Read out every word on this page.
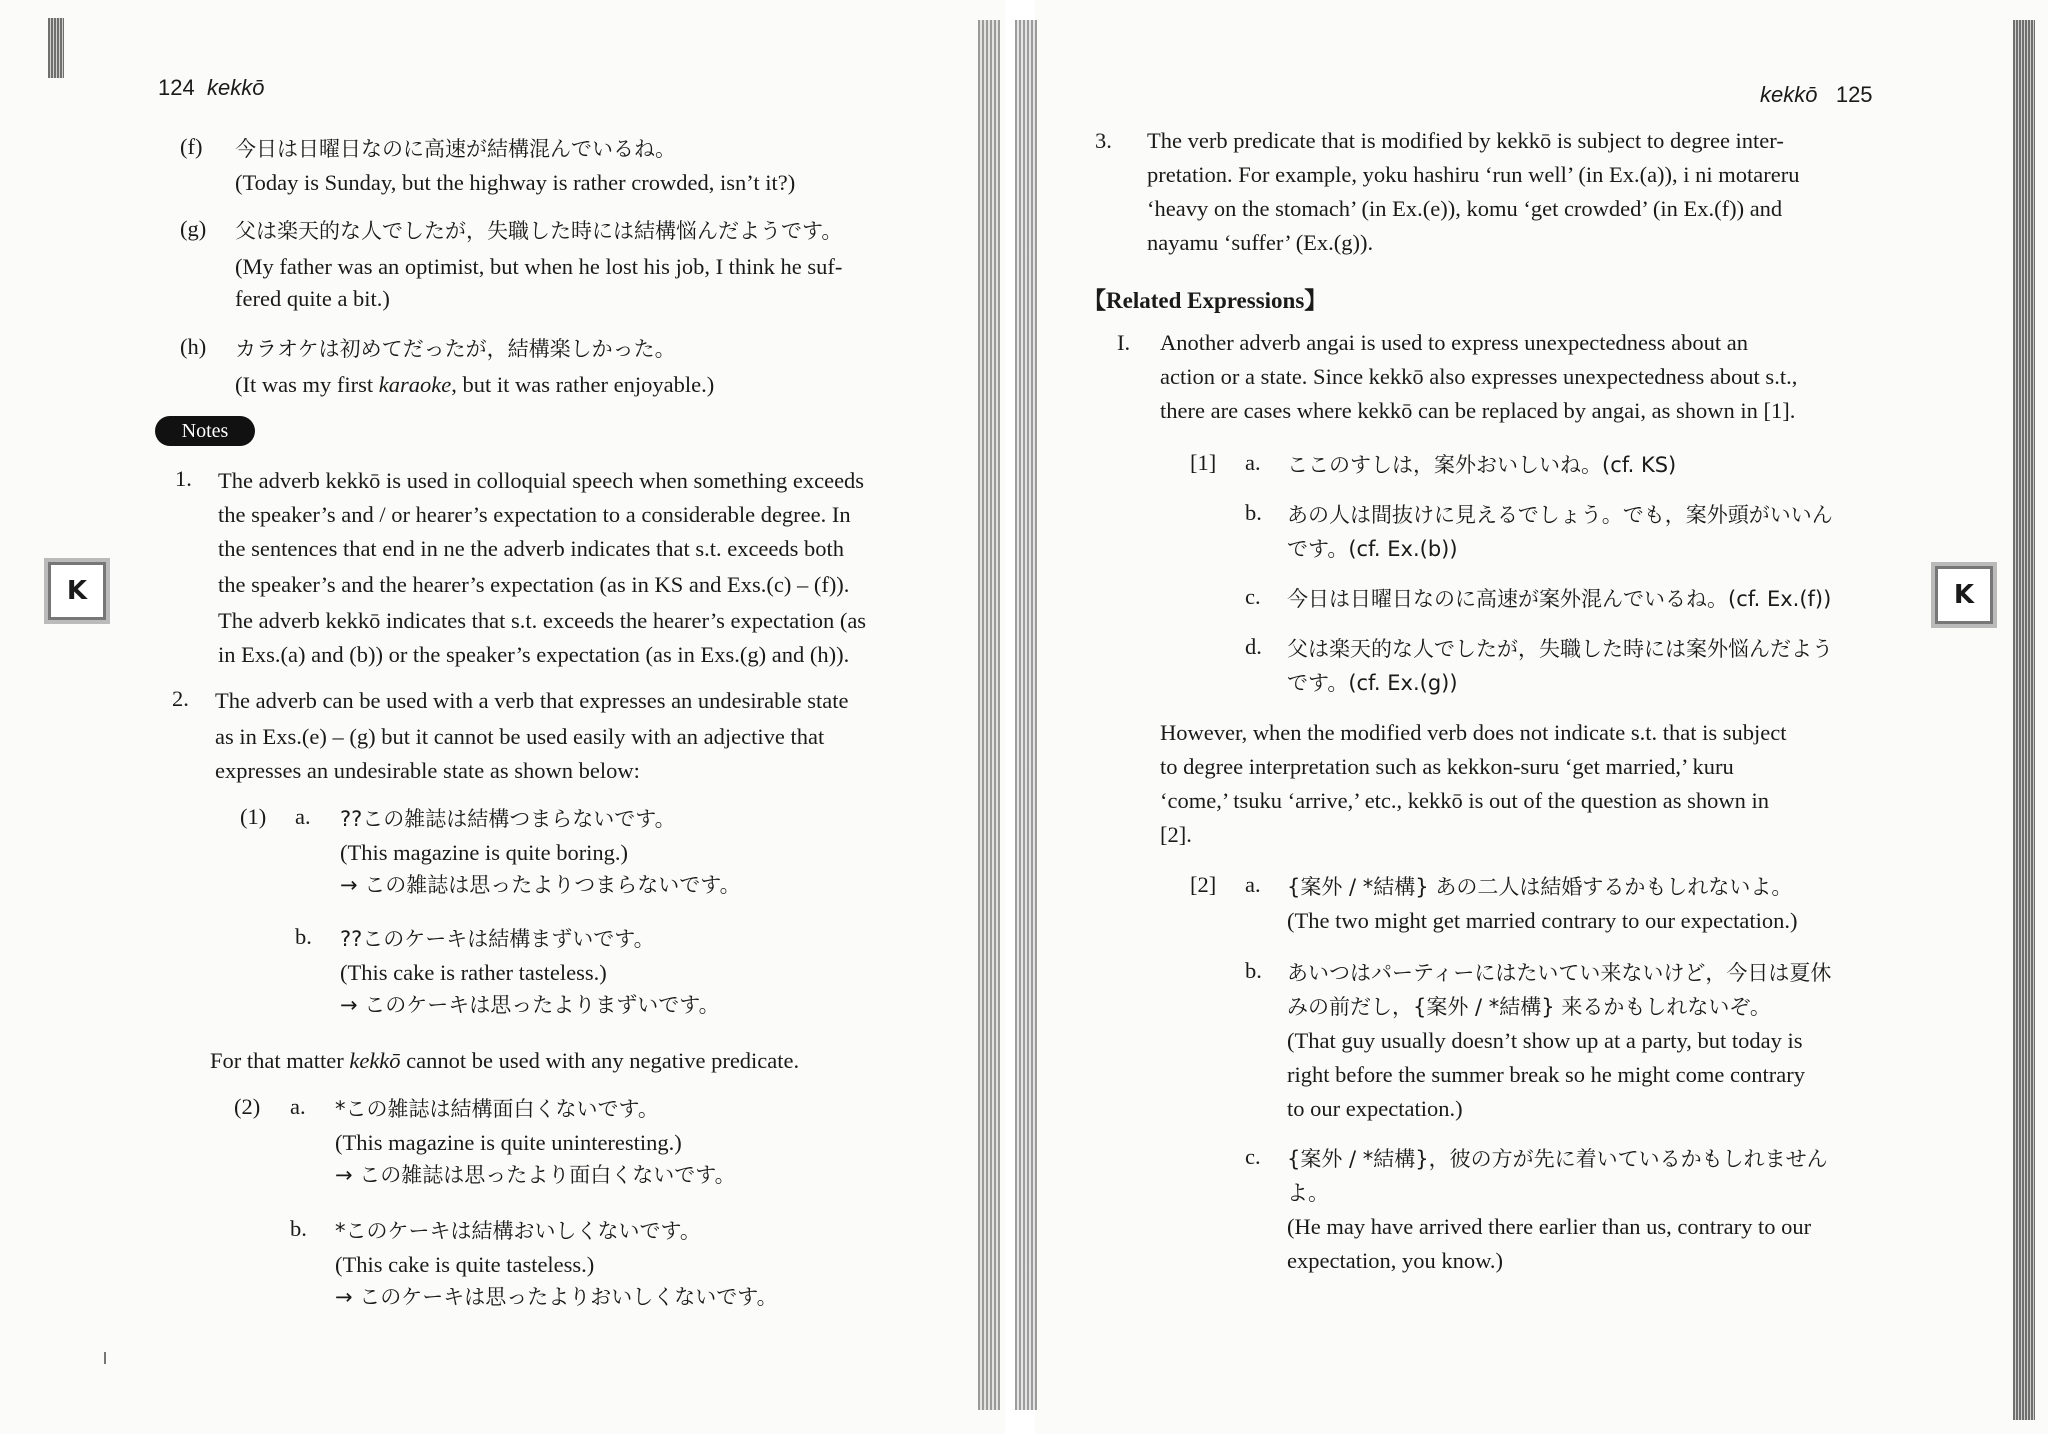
124 kekkō
(f) 今日は日曜日なのに高速が結構混んでいるね。
(Today is Sunday, but the highway is rather crowded, isn’t it?)
(g) 父は楽天的な人でしたが，失職した時には結構悩んだようです。
(My father was an optimist, but when he lost his job, I think he suf-
fered quite a bit.)
(h) カラオケは初めてだったが，結構楽しかった。
(It was my first karaoke, but it was rather enjoyable.)
Notes
1. The adverb kekkō is used in colloquial speech when something exceeds
the speaker’s and / or hearer’s expectation to a considerable degree. In
the sentences that end in ne the adverb indicates that s.t. exceeds both
the speaker’s and the hearer’s expectation (as in KS and Exs.(c) – (f)).
The adverb kekkō indicates that s.t. exceeds the hearer’s expectation (as
in Exs.(a) and (b)) or the speaker’s expectation (as in Exs.(g) and (h)).
2. The adverb can be used with a verb that expresses an undesirable state
as in Exs.(e) – (g) but it cannot be used easily with an adjective that
expresses an undesirable state as shown below:
(1) a. ??この雑誌は結構つまらないです。
(This magazine is quite boring.)
→ この雑誌は思ったよりつまらないです。
b. ??このケーキは結構まずいです。
(This cake is rather tasteless.)
→ このケーキは思ったよりまずいです。
For that matter kekkō cannot be used with any negative predicate.
(2) a. *この雑誌は結構面白くないです。
(This magazine is quite uninteresting.)
→ この雑誌は思ったより面白くないです。
b. *このケーキは結構おいしくないです。
(This cake is quite tasteless.)
→ このケーキは思ったよりおいしくないです。
K
kekkō 125
3. The verb predicate that is modified by kekkō is subject to degree inter-
pretation. For example, yoku hashiru ‘run well’ (in Ex.(a)), i ni motareru
‘heavy on the stomach’ (in Ex.(e)), komu ‘get crowded’ (in Ex.(f)) and
nayamu ‘suffer’ (Ex.(g)).
【Related Expressions】
I. Another adverb angai is used to express unexpectedness about an
action or a state. Since kekkō also expresses unexpectedness about s.t.,
there are cases where kekkō can be replaced by angai, as shown in [1].
[1] a. ここのすしは，案外おいしいね。(cf. KS)
b. あの人は間抜けに見えるでしょう。でも，案外頭がいいん
です。(cf. Ex.(b))
c. 今日は日曜日なのに高速が案外混んでいるね。(cf. Ex.(f))
d. 父は楽天的な人でしたが，失職した時には案外悩んだよう
です。(cf. Ex.(g))
However, when the modified verb does not indicate s.t. that is subject
to degree interpretation such as kekkon-suru ‘get married,’ kuru
‘come,’ tsuku ‘arrive,’ etc., kekkō is out of the question as shown in
[2].
[2] a. {案外 / *結構} あの二人は結婚するかもしれないよ。
(The two might get married contrary to our expectation.)
b. あいつはパーティーにはたいてい来ないけど，今日は夏休
みの前だし，{案外 / *結構} 来るかもしれないぞ。
(That guy usually doesn’t show up at a party, but today is
right before the summer break so he might come contrary
to our expectation.)
c. {案外 / *結構}，彼の方が先に着いているかもしれません
よ。
(He may have arrived there earlier than us, contrary to our
expectation, you know.)
K
